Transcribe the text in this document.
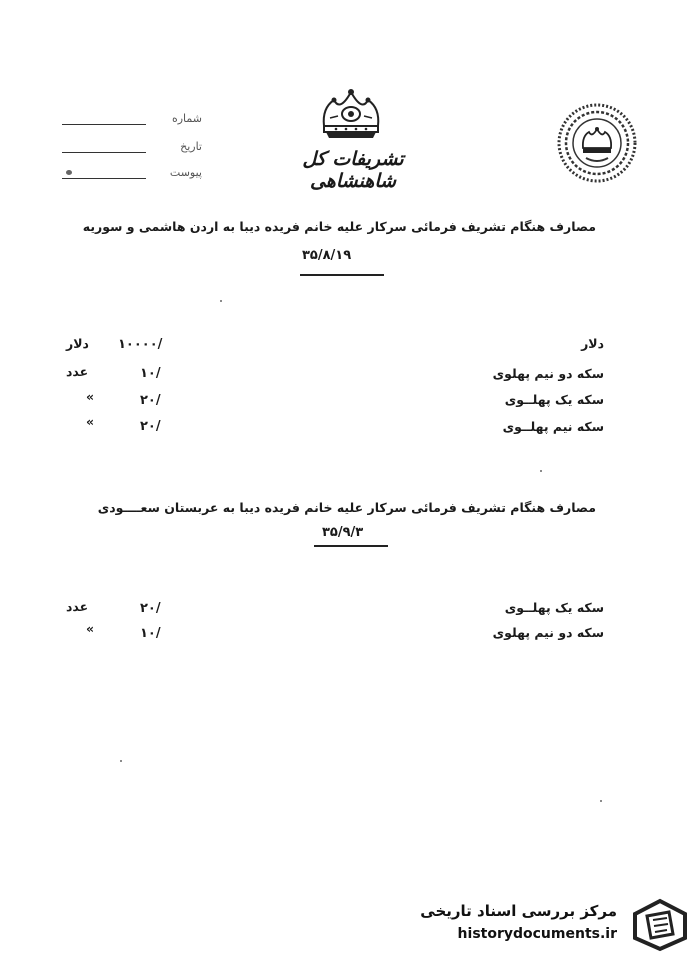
شماره
تاریخ
پیوست
تشریفات کل شاهنشاهی
مصارف هنگام تشریف فرمائی سرکار علیه خانم فریده دیبا به اردن هاشمی و سوریه
۳۵/۸/۱۹
دلار
۱۰۰۰۰/
دلار
سکه دو نیم پهلوی
۱۰/
عدد
سکه یک پهلــوی
۲۰/
«
سکه نیم پهلــوی
۲۰/
«
مصارف هنگام تشریف فرمائی سرکار علیه خانم فریده دیبا به عربستان سعــــودی
۳۵/۹/۳
سکه یک پهلــوی
۲۰/
عدد
سکه دو نیم پهلوی
۱۰/
«
مرکز بررسی اسناد تاریخی
historydocuments.ir
